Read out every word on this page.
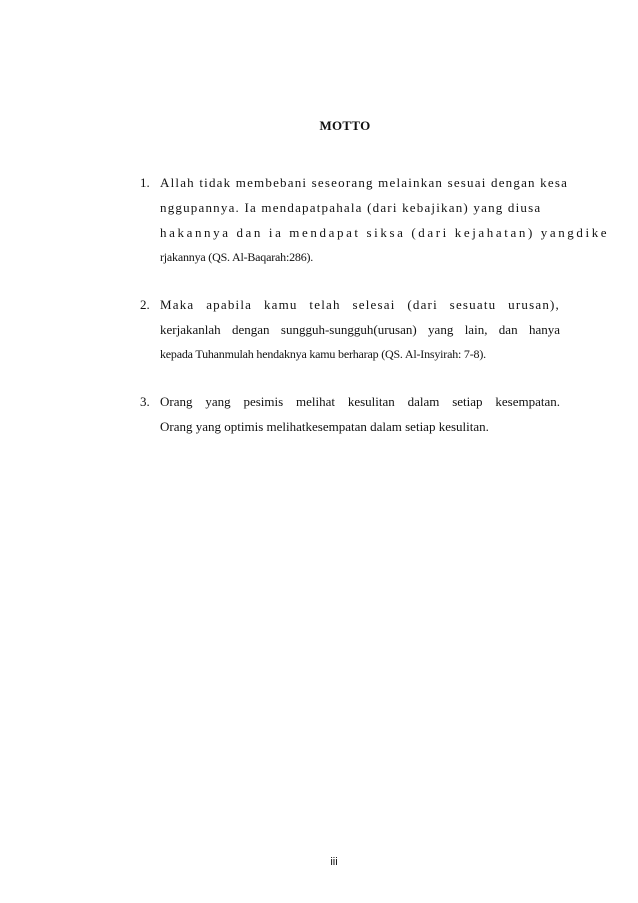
MOTTO
1. Allah tidak membebani seseorang melainkan sesuai dengan kesa
nggupannya. Ia mendapatpahala (dari kebajikan) yang diusa
hakannya dan ia mendapat siksa (dari kejahatan) yangdike
rjakannya (QS. Al-Baqarah:286).
2. Maka apabila kamu telah selesai (dari sesuatu urusan),
kerjakanlah dengan sungguh-sungguh(urusan) yang lain, dan hanya
kepada Tuhanmulah hendaknya kamu berharap (QS. Al-Insyirah: 7-8).
3. Orang yang pesimis melihat kesulitan dalam setiap kesempatan.
Orang yang optimis melihatkesempatan dalam setiap kesulitan.
iii
